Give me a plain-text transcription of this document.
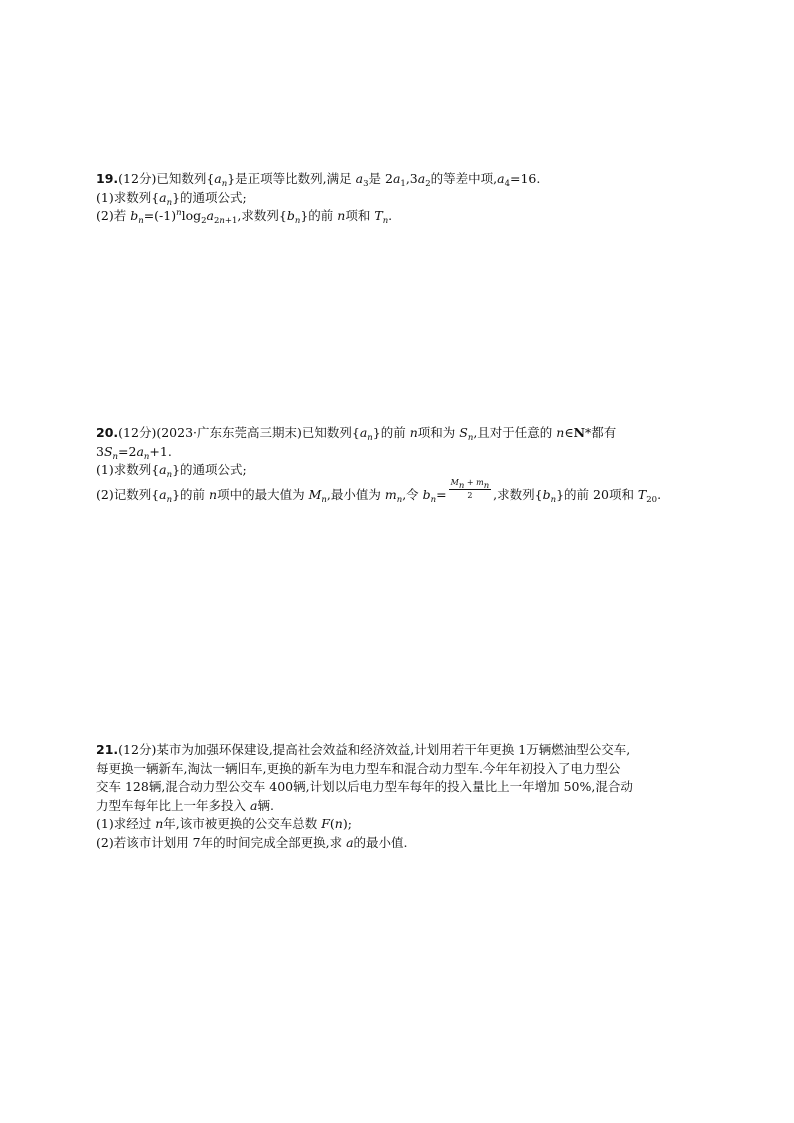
19.(12分)已知数列$\{a_n\}$是正项等比数列,满足 $a_3$是 $2a_1,3a_2$的等差中项$,a_4=16$.
(1)求数列$\{a_n\}$的通项公式;
(2)若 $b_n=(-1)^n\log_2a_{2n+1}$,求数列$\{b_n\}$的前 n项和 $T_n$.
20.(12分)(2023·广东东莞高三期末)已知数列$\{a_n\}$的前 n项和为 $S_n$,且对于任意的 n∈N*都有
$3S_n=2a_n+1$.
(1)求数列$\{a_n\}$的通项公式;
(2)记数列$\{a_n\}$的前 n项中的最大值为 $M_n$,最小值为 $m_n$,令 $b_n= \frac{M_n + m_n}{2}$ ,求数列$\{b_n\}$的前 20项和 $T_{20}$.
21.(12分)某市为加强环保建设,提高社会效益和经济效益,计划用若干年更换 1万辆燃油型公交车,
每更换一辆新车,淘汰一辆旧车,更换的新车为电力型车和混合动力型车.今年年初投入了电力型公
交车 128辆,混合动力型公交车 400辆,计划以后电力型车每年的投入量比上一年增加 50%,混合动
力型车每年比上一年多投入 a辆.
(1)求经过 n年,该市被更换的公交车总数 F(n);
(2)若该市计划用 7年的时间完成全部更换,求 a的最小值.
